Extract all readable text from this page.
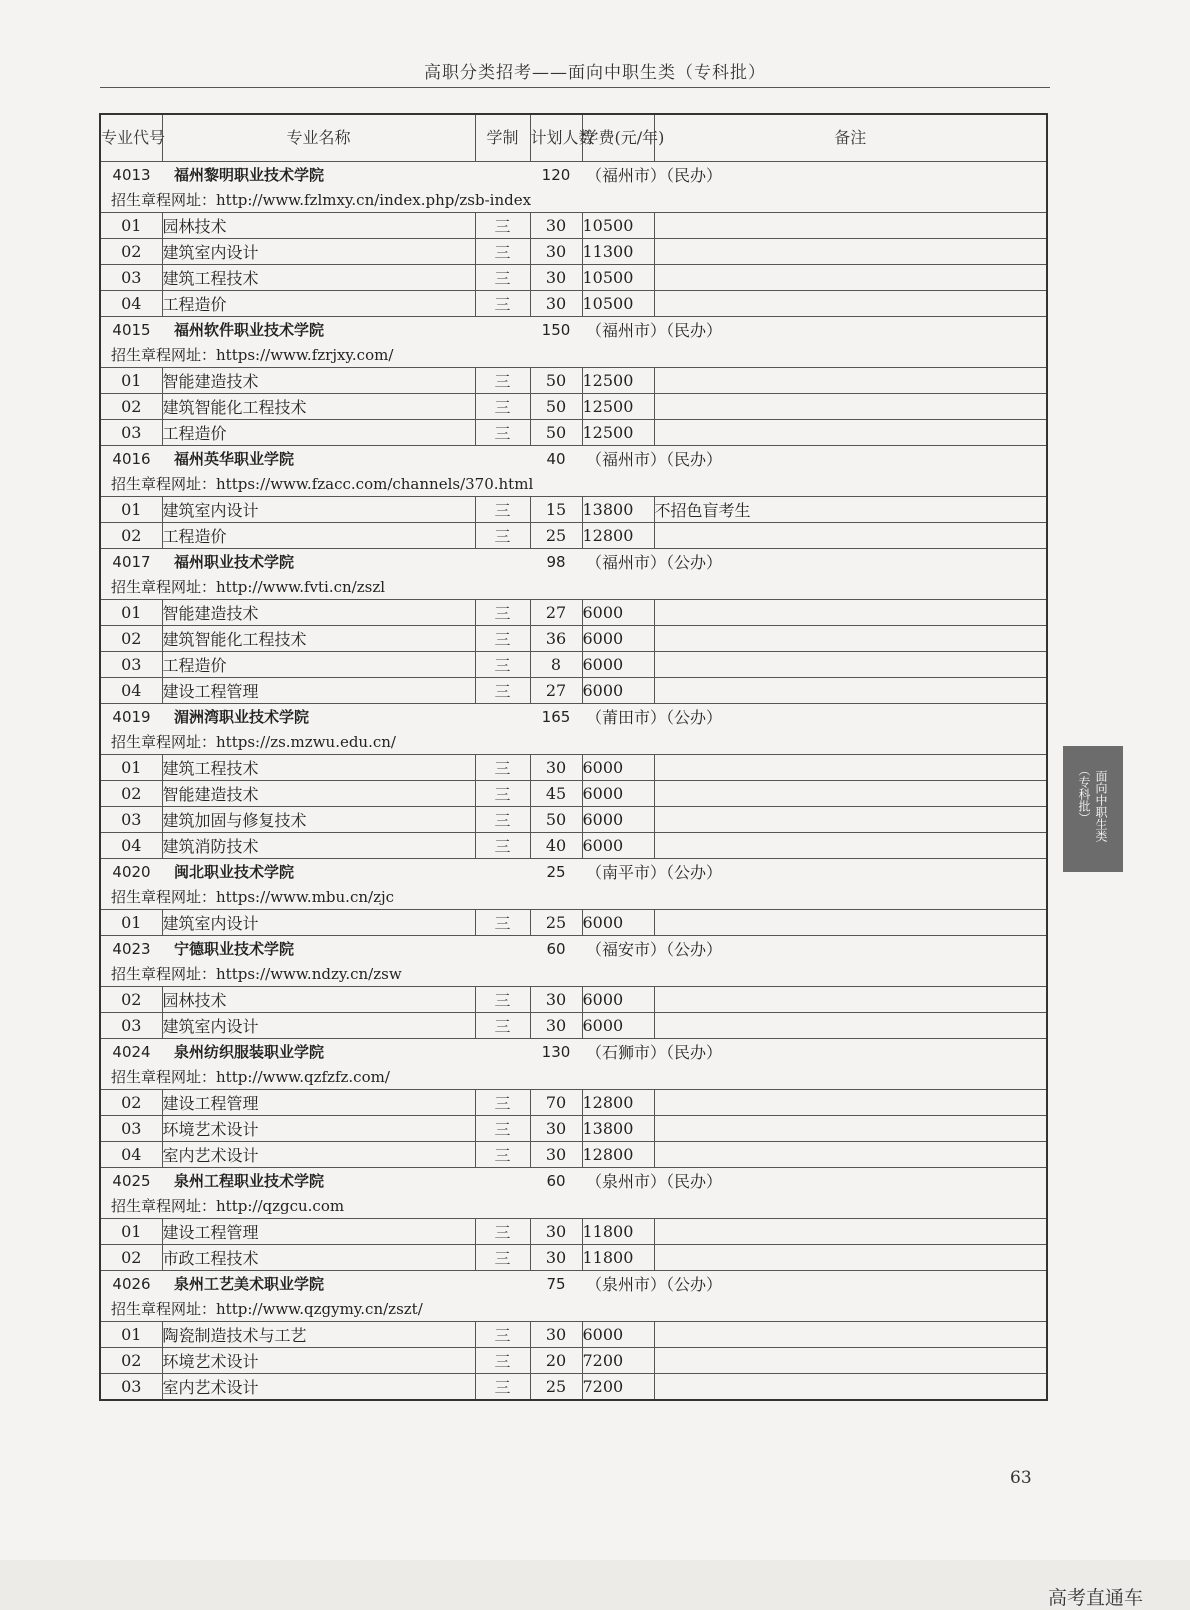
高职分类招考——面向中职生类（专科批）
专业代号	专业名称	学制	计划人数	学费(元/年)	备注
4013	福州黎明职业技术学院		120	（福州市）（民办）	
招生章程网址：http://www.fzlmxy.cn/index.php/zsb-index					
01	园林技术	三	30	10500	
02	建筑室内设计	三	30	11300	
03	建筑工程技术	三	30	10500	
04	工程造价	三	30	10500	
4015	福州软件职业技术学院		150	（福州市）（民办）	
招生章程网址：https://www.fzrjxy.com/					
01	智能建造技术	三	50	12500	
02	建筑智能化工程技术	三	50	12500	
03	工程造价	三	50	12500	
4016	福州英华职业学院		40	（福州市）（民办）	
招生章程网址：https://www.fzacc.com/channels/370.html					
01	建筑室内设计	三	15	13800	不招色盲考生
02	工程造价	三	25	12800	
4017	福州职业技术学院		98	（福州市）（公办）	
招生章程网址：http://www.fvti.cn/zszl					
01	智能建造技术	三	27	6000	
02	建筑智能化工程技术	三	36	6000	
03	工程造价	三	8	6000	
04	建设工程管理	三	27	6000	
4019	湄洲湾职业技术学院		165	（莆田市）（公办）	
招生章程网址：https://zs.mzwu.edu.cn/					
01	建筑工程技术	三	30	6000	
02	智能建造技术	三	45	6000	
03	建筑加固与修复技术	三	50	6000	
04	建筑消防技术	三	40	6000	
4020	闽北职业技术学院		25	（南平市）（公办）	
招生章程网址：https://www.mbu.cn/zjc					
01	建筑室内设计	三	25	6000	
4023	宁德职业技术学院		60	（福安市）（公办）	
招生章程网址：https://www.ndzy.cn/zsw					
02	园林技术	三	30	6000	
03	建筑室内设计	三	30	6000	
4024	泉州纺织服装职业学院		130	（石狮市）（民办）	
招生章程网址：http://www.qzfzfz.com/					
02	建设工程管理	三	70	12800	
03	环境艺术设计	三	30	13800	
04	室内艺术设计	三	30	12800	
4025	泉州工程职业技术学院		60	（泉州市）（民办）	
招生章程网址：http://qzgcu.com					
01	建设工程管理	三	30	11800	
02	市政工程技术	三	30	11800	
4026	泉州工艺美术职业学院		75	（泉州市）（公办）	
招生章程网址：http://www.qzgymy.cn/zszt/					
01	陶瓷制造技术与工艺	三	30	6000	
02	环境艺术设计	三	20	7200	
03	室内艺术设计	三	25	7200	
面向中职生类
（专科批）
63
高考直通车
